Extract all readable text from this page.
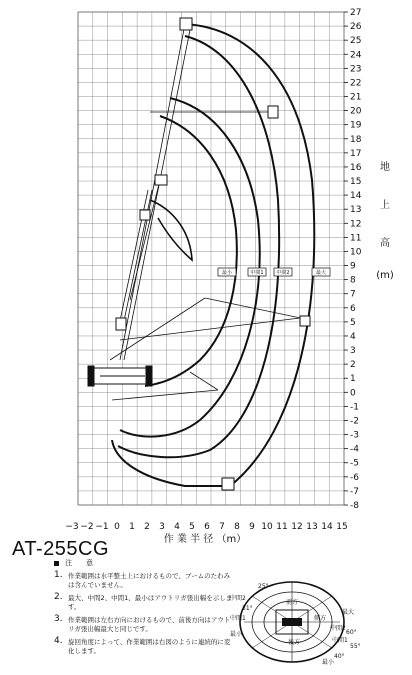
27
26
25
24
23
22
21
20
19
18
17
16
15
14
13
12
11
10
9
8
7
6
5
4
3
2
1
0
-1
-2
-3
-4
-5
-6
-7
-8
−3 −2 −1 0 1 2 3 4 5 6 7 8 9 10 11 12 13 14 15
最小	中間1	中間2	最大
地
上
高
(m)
作 業 半 径 （m）
AT-255CG
注　　意
1. 作業範囲は水平整土上におけるもので、ブームのたわみは含んでいません。
2. 最大、中間2、中間1、最小はアウトリガ張出幅を示します。
3. 作業範囲は左右方向におけるもので、前後方向はアウトリガ張出幅最大と同じです。
4. 旋回角度によって、作業範囲は右図のように連続的に変化します。
前方
側方
後方
25°
31°
60°
55°
40°
中間2
中間1
最小
最大
中間2
中間1
最小
